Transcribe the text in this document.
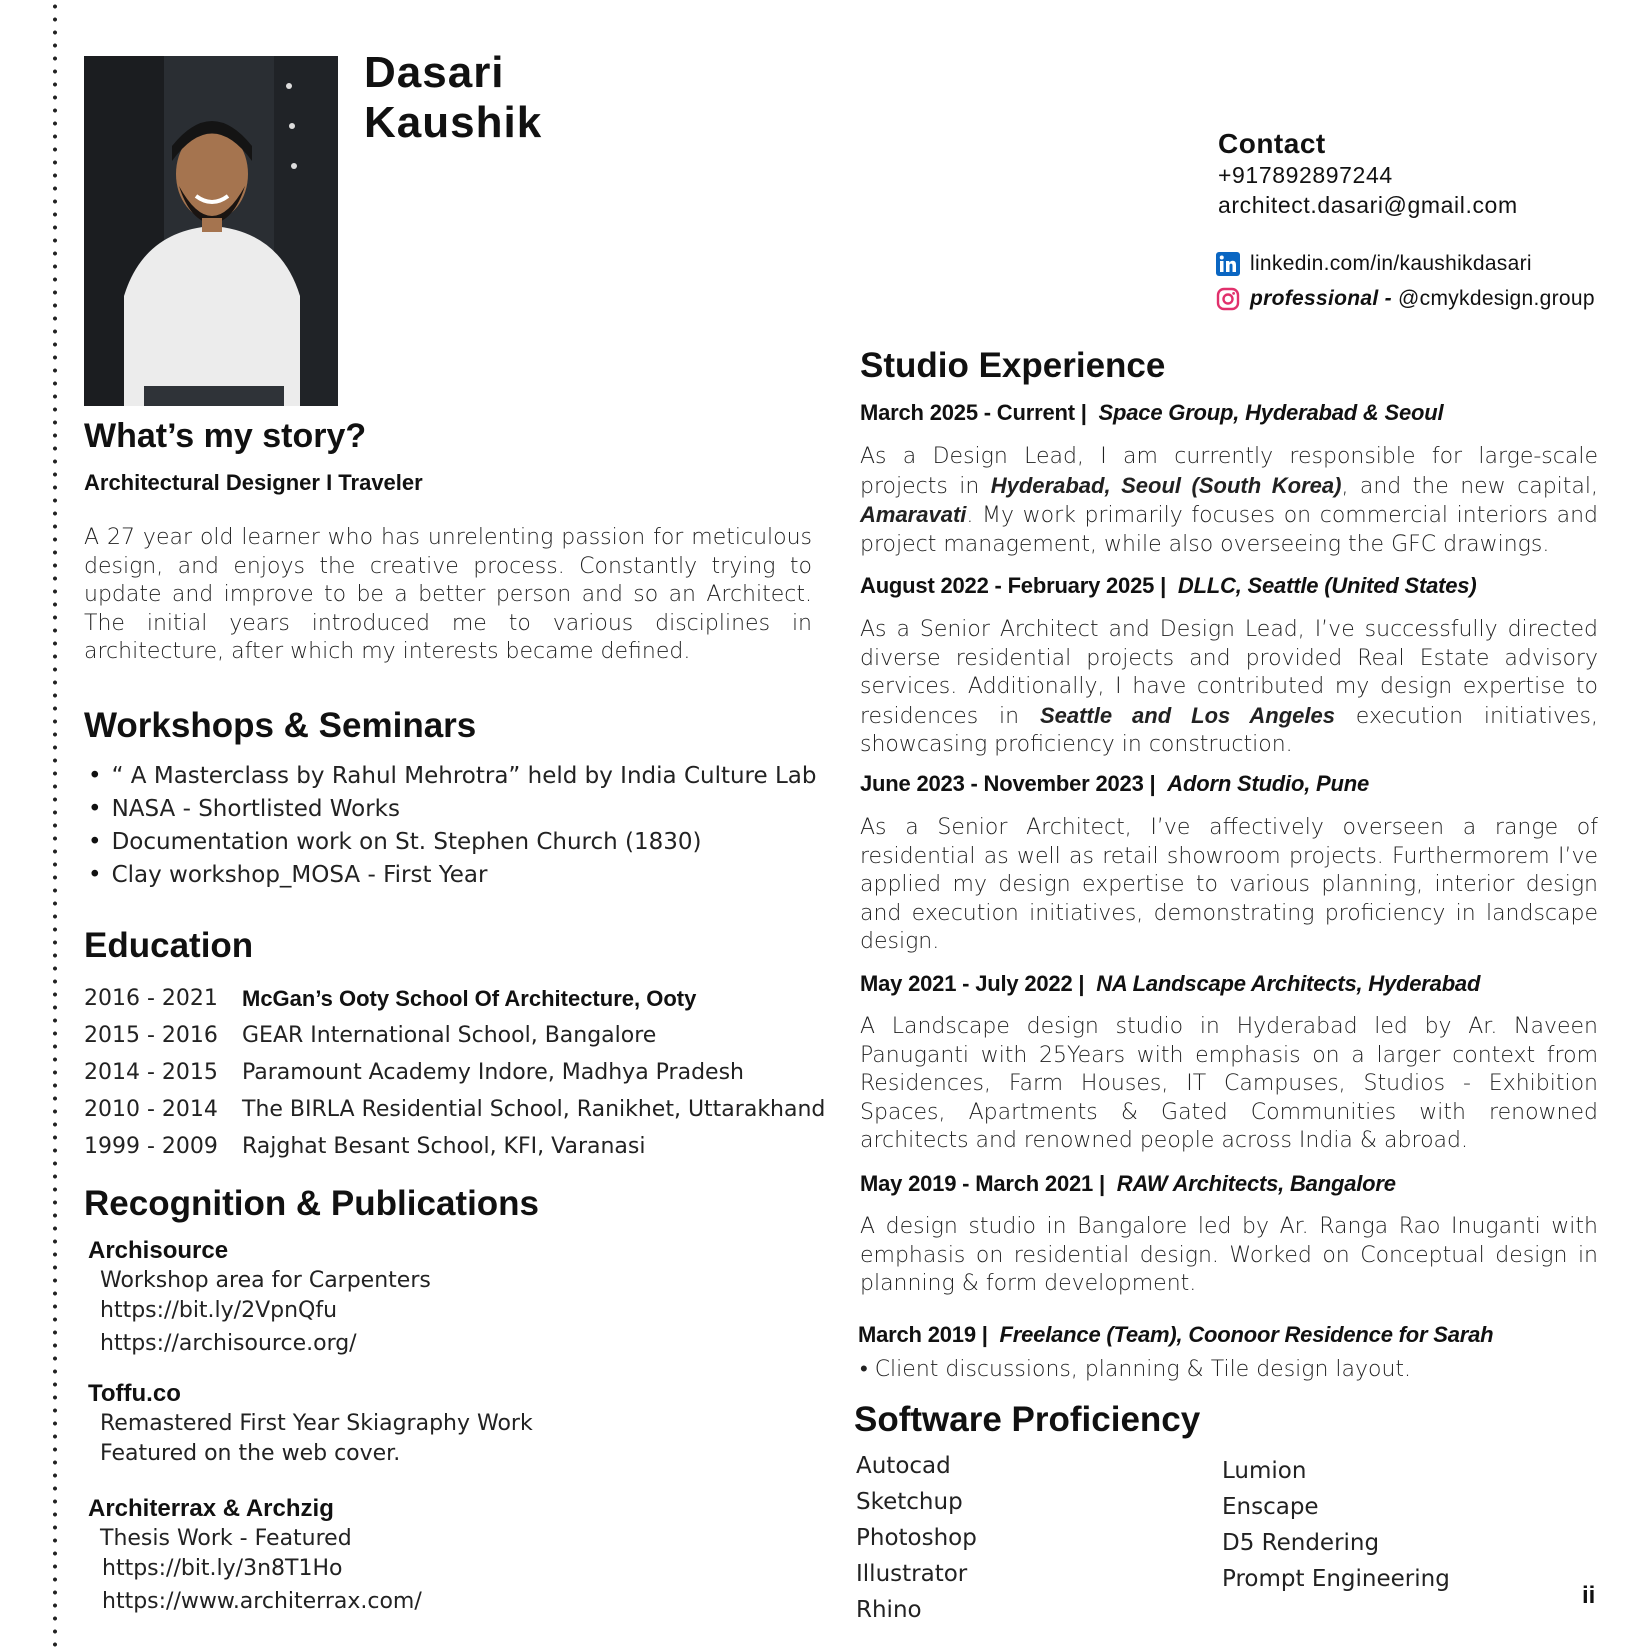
Dasari
Kaushik	Contact
+917892897244
architect.dasari@gmail.com
linkedin.com/in/kaushikdasari
professional - @cmykdesign.group
What’s my story?
Architectural Designer I Traveler

A 27 year old learner who has unrelenting passion for meticulous design, and enjoys the creative process. Constantly trying to update and improve to be a better person and so an Architect. The initial years introduced me to various disciplines in architecture, after which my interests became defined.

Workshops & Seminars
• “ A Masterclass by Rahul Mehrotra” held by India Culture Lab
• NASA - Shortlisted Works
• Documentation work on St. Stephen Church (1830)
• Clay workshop_MOSA - First Year
Education
2016 - 2021	McGan’s Ooty School Of Architecture, Ooty
2015 - 2016	GEAR International School, Bangalore
2014 - 2015	Paramount Academy Indore, Madhya Pradesh
2010 - 2014	The BIRLA Residential School, Ranikhet, Uttarakhand
1999 - 2009	Rajghat Besant School, KFI, Varanasi
Recognition & Publications
Archisource
Workshop area for Carpenters
https://bit.ly/2VpnQfu
https://archisource.org/
Toffu.co
Remastered First Year Skiagraphy Work
Featured on the web cover.
Architerrax & Archzig
Thesis Work - Featured
https://bit.ly/3n8T1Ho
https://www.architerrax.com/
Studio Experience
March 2025 - Current | Space Group, Hyderabad & Seoul

As a Design Lead, I am currently responsible for large-scale projects in Hyderabad, Seoul (South Korea), and the new capital, Amaravati. My work primarily focuses on commercial interiors and project management, while also overseeing the GFC drawings.

August 2022 - February 2025 | DLLC, Seattle (United States)

As a Senior Architect and Design Lead, I’ve successfully directed diverse residential projects and provided Real Estate advisory services. Additionally, I have contributed my design expertise to residences in Seattle and Los Angeles execution initiatives, showcasing proficiency in construction.

June 2023 - November 2023 | Adorn Studio, Pune

As a Senior Architect, I’ve affectively overseen a range of residential as well as retail showroom projects. Furthermorem I’ve applied my design expertise to various planning, interior design and execution initiatives, demonstrating proficiency in landscape design.

May 2021 - July 2022 | NA Landscape Architects, Hyderabad

A Landscape design studio in Hyderabad led by Ar. Naveen Panuganti with 25Years with emphasis on a larger context from Residences, Farm Houses, IT Campuses, Studios - Exhibition Spaces, Apartments & Gated Communities with renowned architects and renowned people across India & abroad.

May 2019 - March 2021 | RAW Architects, Bangalore

A design studio in Bangalore led by Ar. Ranga Rao Inuganti with emphasis on residential design. Worked on Conceptual design in planning & form development.

March 2019 | Freelance (Team), Coonoor Residence for Sarah

• Client discussions, planning & Tile design layout.

Software Proficiency
Autocad
Sketchup
Photoshop
Illustrator
Rhino
Lumion
Enscape
D5 Rendering
Prompt Engineering
ii
